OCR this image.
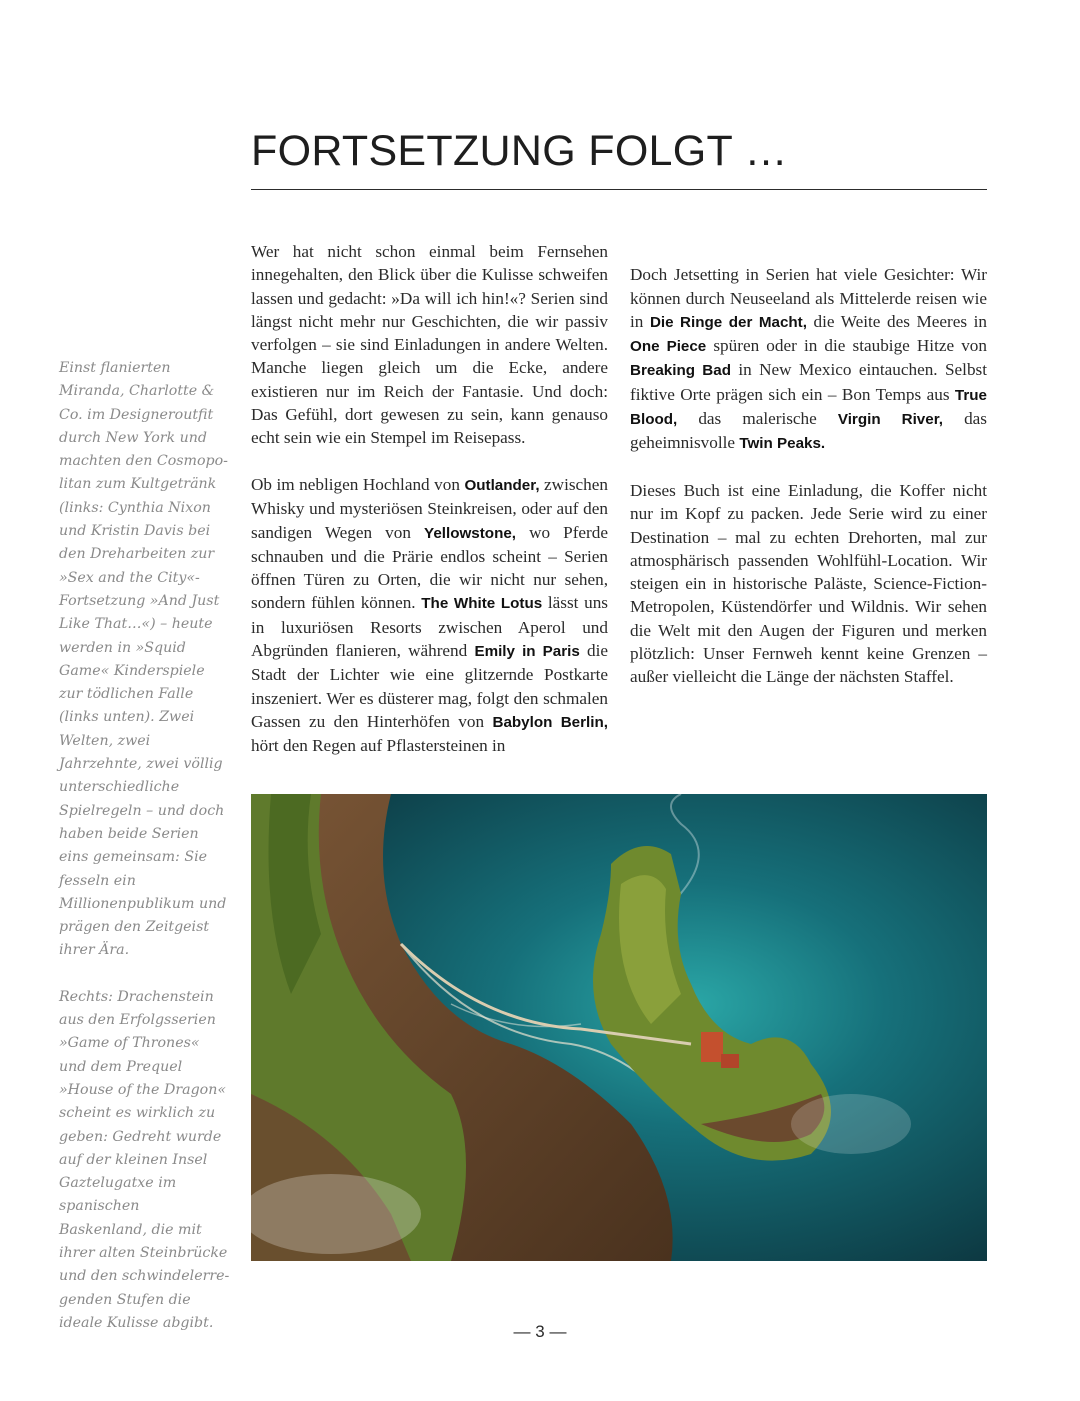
FORTSETZUNG FOLGT …

Einst flanierten Miranda, Charlotte & Co. im Designeroutfit durch New York und machten den Cosmopolitan zum Kultgetränk (links: Cynthia Nixon und Kristin Davis bei den Dreharbeiten zur »Sex and the City«-Fortsetzung »And Just Like That…«) – heute werden in »Squid Game« Kinderspiele zur tödlichen Falle (links unten). Zwei Welten, zwei Jahrzehnte, zwei völlig unterschiedliche Spielregeln – und doch haben beide Serien eins gemeinsam: Sie fesseln ein Millionenpublikum und prägen den Zeitgeist ihrer Ära.

Rechts: Drachenstein aus den Erfolgsserien »Game of Thrones« und dem Prequel »House of the Dragon« scheint es wirklich zu geben: Gedreht wurde auf der kleinen Insel Gaztelugatxe im spanischen Baskenland, die mit ihrer alten Steinbrücke und den schwindelerregenden Stufen die ideale Kulisse abgibt.

Wer hat nicht schon einmal beim Fernsehen innegehalten, den Blick über die Kulisse schweifen lassen und gedacht: »Da will ich hin!«? Serien sind längst nicht mehr nur Geschichten, die wir passiv verfolgen – sie sind Einladungen in andere Welten. Manche liegen gleich um die Ecke, andere existieren nur im Reich der Fantasie. Und doch: Das Gefühl, dort gewesen zu sein, kann genauso echt sein wie ein Stempel im Reisepass.

Ob im nebligen Hochland von Outlander, zwischen Whisky und mysteriösen Steinkreisen, oder auf den sandigen Wegen von Yellowstone, wo Pferde schnauben und die Prärie endlos scheint – Serien öffnen Türen zu Orten, die wir nicht nur sehen, sondern fühlen können. The White Lotus lässt uns in luxuriösen Resorts zwischen Aperol und Abgründen flanieren, während Emily in Paris die Stadt der Lichter wie eine glitzernde Postkarte inszeniert. Wer es düsterer mag, folgt den schmalen Gassen zu den Hinterhöfen von Babylon Berlin, hört den Regen auf Pflastersteinen in

Doch Jetsetting in Serien hat viele Gesichter: Wir können durch Neuseeland als Mittelerde reisen wie in Die Ringe der Macht, die Weite des Meeres in One Piece spüren oder in die staubige Hitze von Breaking Bad in New Mexico eintauchen. Selbst fiktive Orte prägen sich ein – Bon Temps aus True Blood, das malerische Virgin River, das geheimnisvolle Twin Peaks.

Dieses Buch ist eine Einladung, die Koffer nicht nur im Kopf zu packen. Jede Serie wird zu einer Destination – mal zu echten Drehorten, mal zur atmosphärisch passenden Wohlfühl-Location. Wir steigen ein in historische Paläste, Science-Fiction-Metropolen, Küstendörfer und Wildnis. Wir sehen die Welt mit den Augen der Figuren und merken plötzlich: Unser Fernweh kennt keine Grenzen – außer vielleicht die Länge der nächsten Staffel.

— 3 —
